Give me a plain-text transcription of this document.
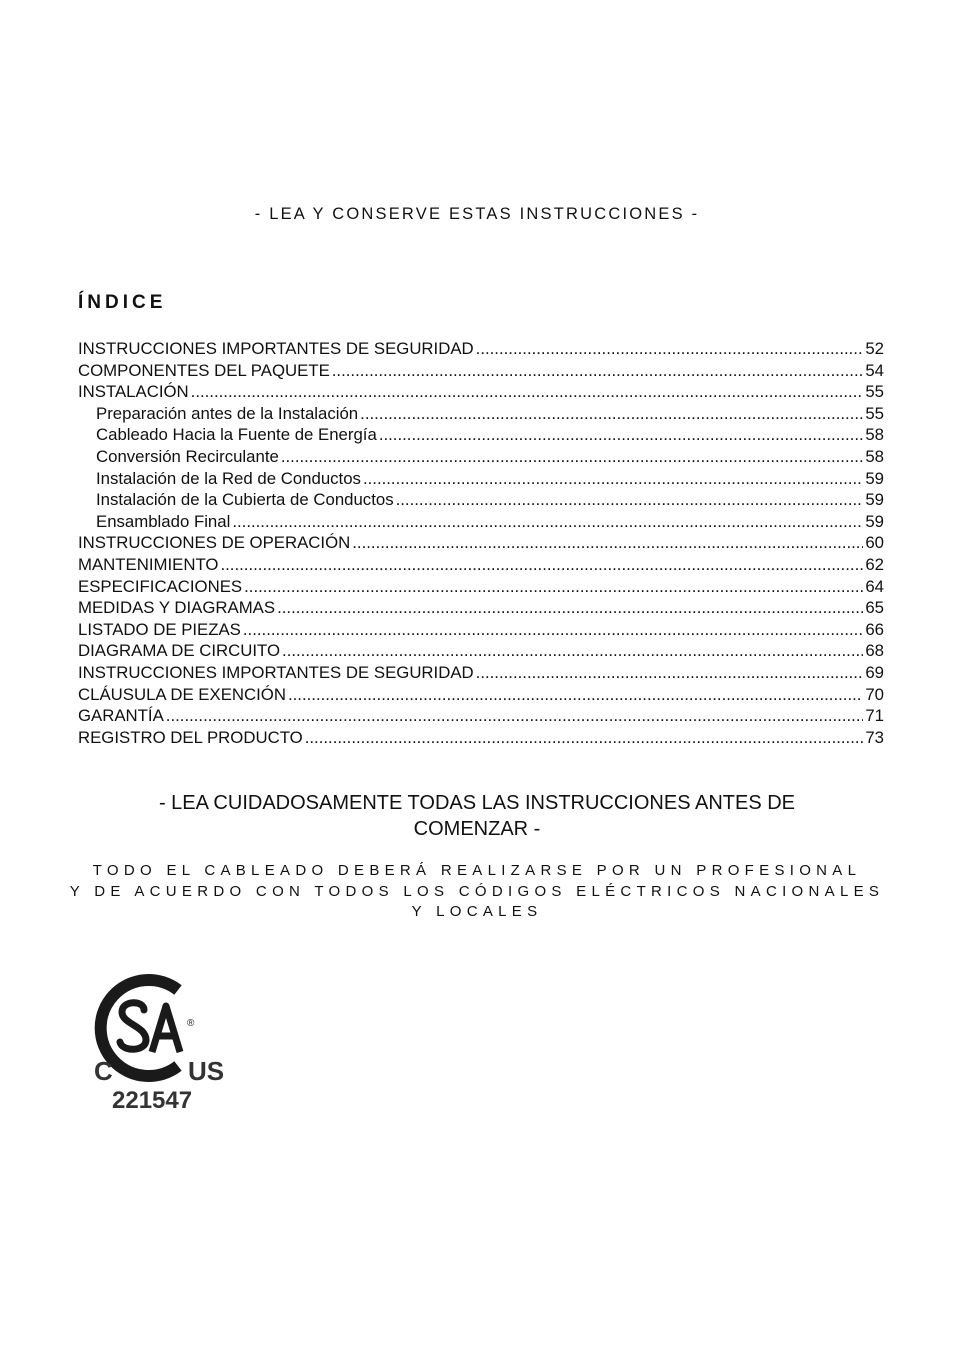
- LEA Y CONSERVE ESTAS INSTRUCCIONES -
ÍNDICE
INSTRUCCIONES IMPORTANTES DE SEGURIDAD .....	52
COMPONENTES DEL PAQUETE .....	54
INSTALACIÓN .....	55
Preparación antes de la Instalación .....	55
Cableado Hacia la Fuente de Energía .....	58
Conversión Recirculante .....	58
Instalación de la Red de Conductos .....	59
Instalación de la Cubierta de Conductos .....	59
Ensamblado Final .....	59
INSTRUCCIONES DE OPERACIÓN .....	60
MANTENIMIENTO .....	62
ESPECIFICACIONES .....	64
MEDIDAS Y DIAGRAMAS .....	65
LISTADO DE PIEZAS .....	66
DIAGRAMA DE CIRCUITO .....	68
INSTRUCCIONES IMPORTANTES DE SEGURIDAD .....	69
CLÁUSULA DE EXENCIÓN .....	70
GARANTÍA .....	71
REGISTRO DEL PRODUCTO .....	73
- LEA CUIDADOSAMENTE TODAS LAS INSTRUCCIONES ANTES DE
COMENZAR -
TODO EL CABLEADO DEBERÁ REALIZARSE POR UN PROFESIONAL
Y DE ACUERDO CON TODOS LOS CÓDIGOS ELÉCTRICOS NACIONALES
Y LOCALES
®
C	US
221547
